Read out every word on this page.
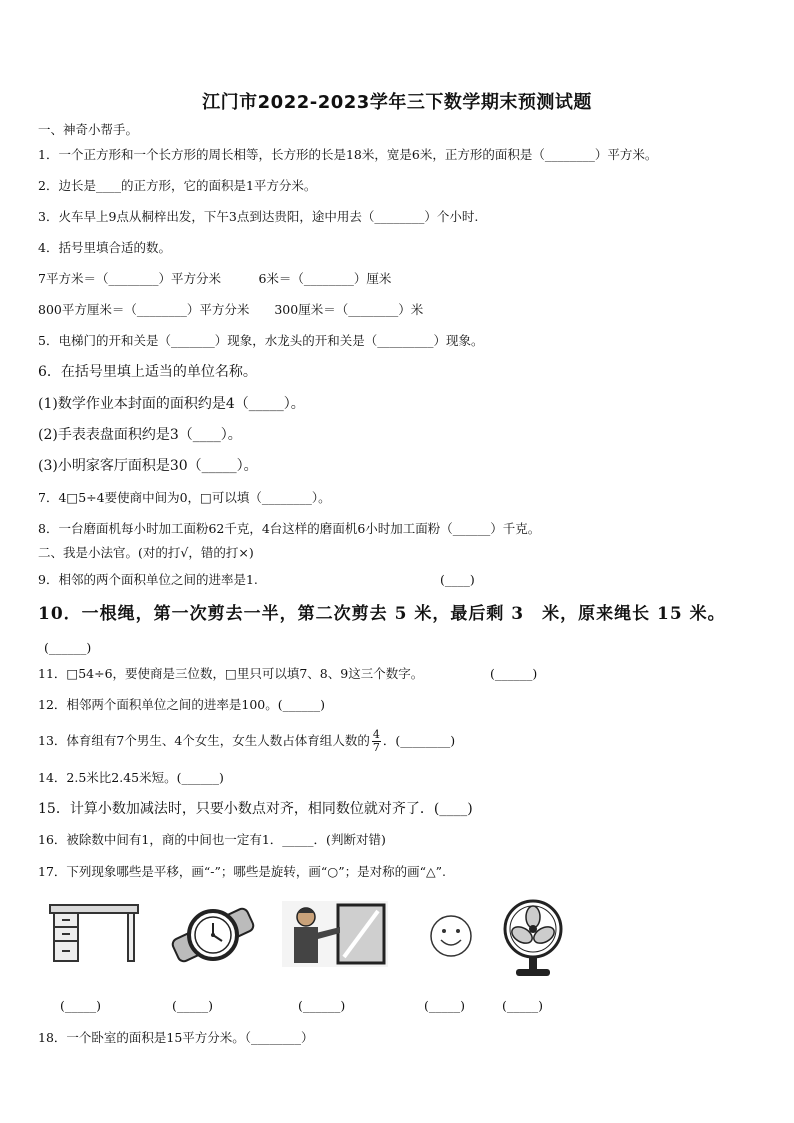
江门市2022-2023学年三下数学期末预测试题
一、神奇小帮手。
1．一个正方形和一个长方形的周长相等，长方形的长是18米，宽是6米，正方形的面积是（________）平方米。
2．边长是____的正方形，它的面积是1平方分米。
3．火车早上9点从桐梓出发，下午3点到达贵阳，途中用去（________）个小时.
4．括号里填合适的数。
7平方米＝（________）平方分米　　　6米＝（________）厘米
800平方厘米＝（________）平方分米　　300厘米＝（________）米
5．电梯门的开和关是（_______）现象，水龙头的开和关是（_________）现象。
6．在括号里填上适当的单位名称。
(1)数学作业本封面的面积约是4（_____）。
(2)手表表盘面积约是3（____）。
(3)小明家客厅面积是30（_____）。
7．4□5÷4要使商中间为0，□可以填（________）。
8．一台磨面机每小时加工面粉62千克，4台这样的磨面机6小时加工面粉（______）千克。
二、我是小法官。(对的打√，错的打×)
9．相邻的两个面积单位之间的进率是1.	(____)
10．一根绳，第一次剪去一半，第二次剪去 5 米，最后剩 3　米，原来绳长 15 米。
(______)
11．□54÷6，要使商是三位数，□里只可以填7、8、9这三个数字。	(______)
12．相邻两个面积单位之间的进率是100。(______)
13．体育组有7个男生、4个女生，女生人数占体育组人数的 $\frac{4}{7}$ ．(________)
14．2.5米比2.45米短。(______)
15．计算小数加减法时，只要小数点对齐，相同数位就对齐了．(____)
16．被除数中间有1，商的中间也一定有1．_____．(判断对错)
17．下列现象哪些是平移，画“-”；哪些是旋转，画“○”；是对称的画“△”.
(_____)	(_____)	(______)	(_____)	(_____)
18．一个卧室的面积是15平方分米。（________）
